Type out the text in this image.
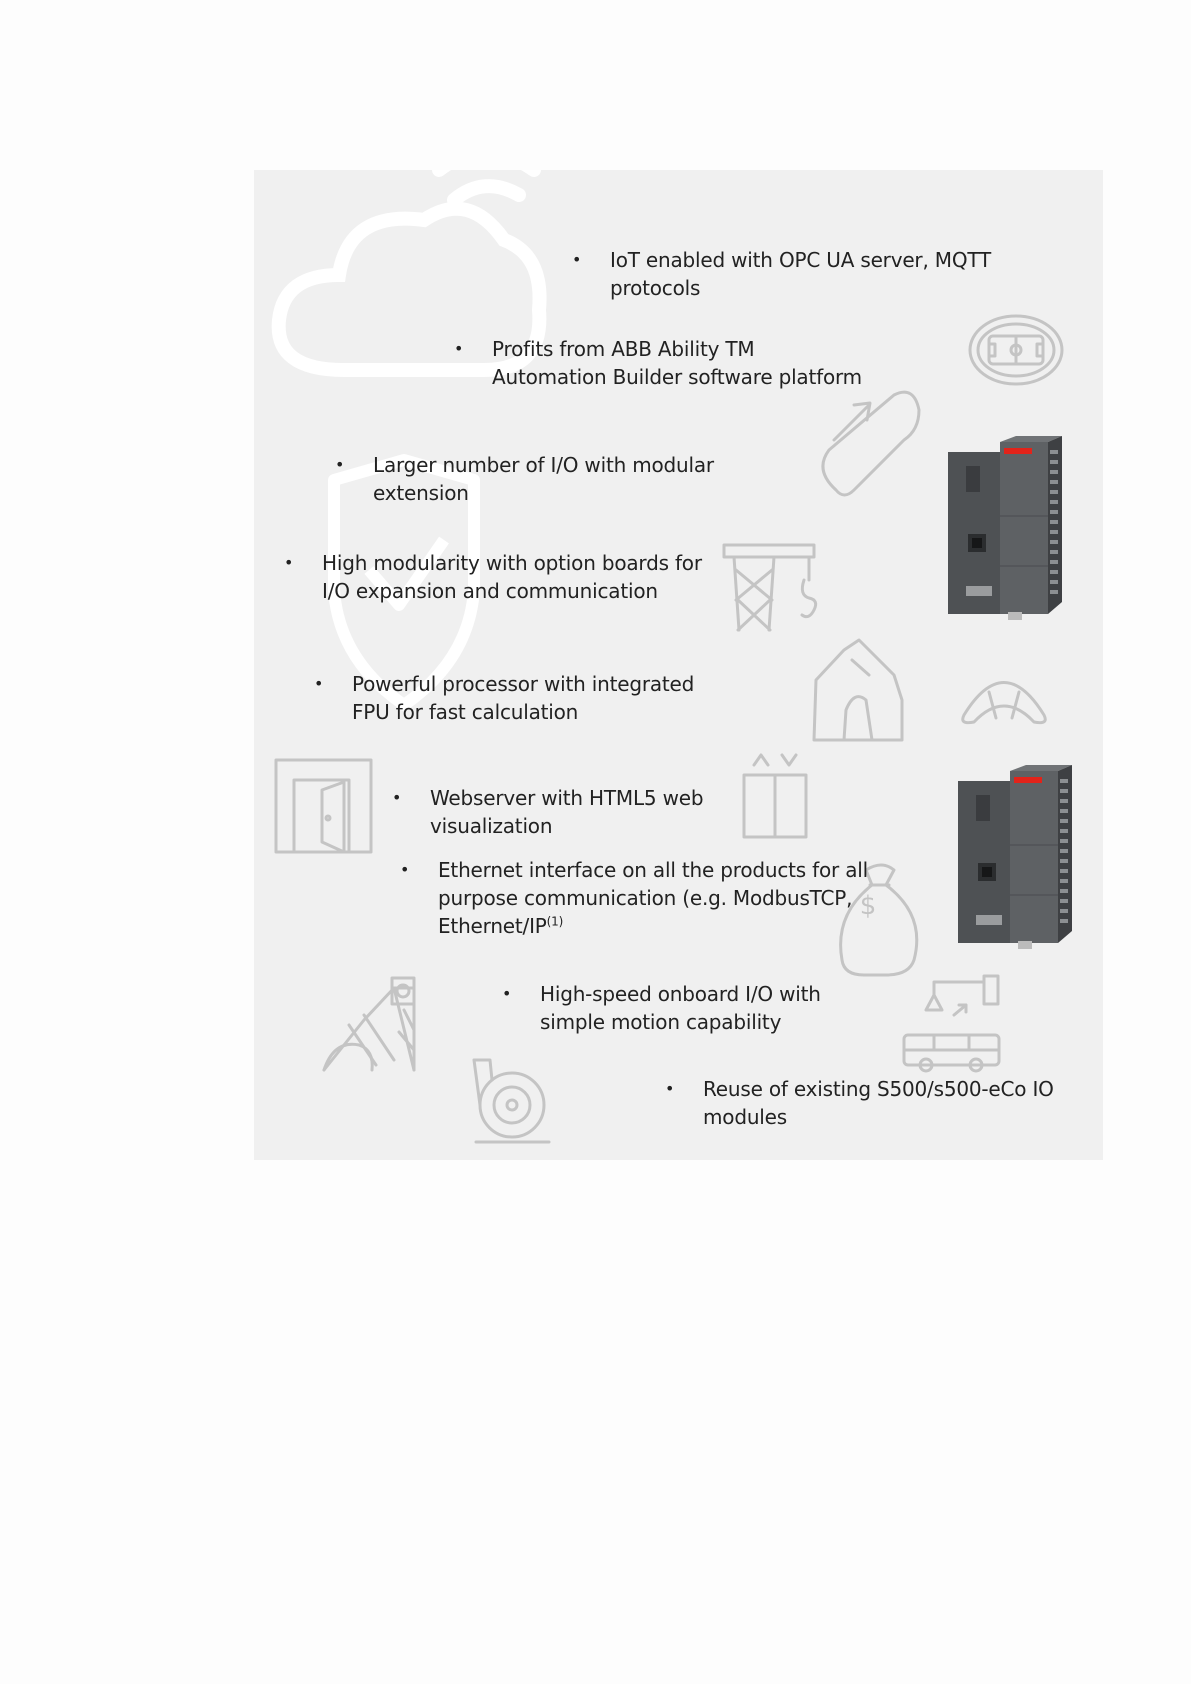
$
• IoT enabled with OPC UA server, MQTT
protocols
• Profits from ABB Ability TM
Automation Builder software platform
• Larger number of I/O with modular
extension
• High modularity with option boards for
I/O expansion and communication
• Powerful processor with integrated
FPU for fast calculation
• Webserver with HTML5 web
visualization
• Ethernet interface on all the products for all
purpose communication (e.g. ModbusTCP,
Ethernet/IP$^{(1)}$
• High-speed onboard I/O with
simple motion capability
• Reuse of existing S500/s500-eCo IO
modules
